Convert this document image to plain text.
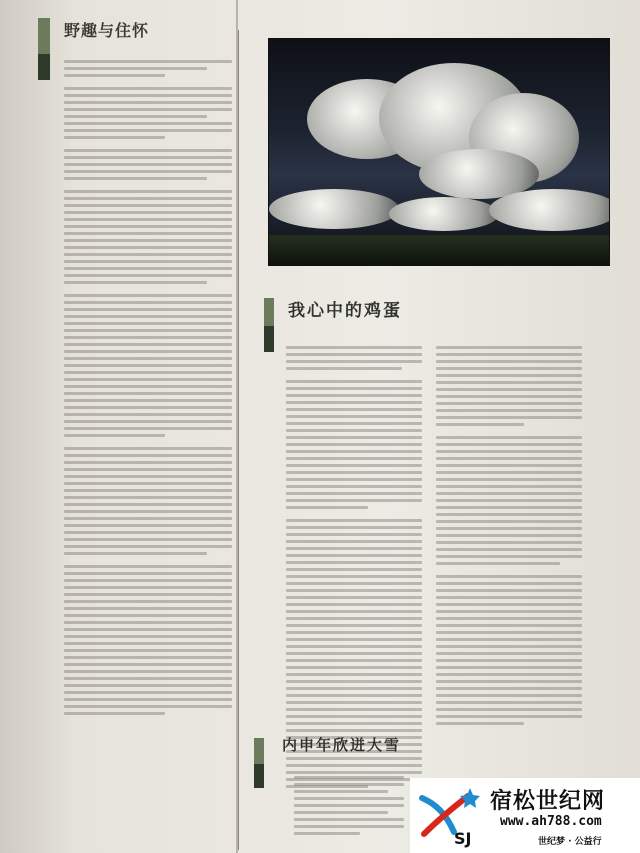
野趣与住怀
我心中的鸡蛋
内申年欣迸大雪
SJ
宿松世纪网
www.ah788.com
世纪梦 · 公益行
